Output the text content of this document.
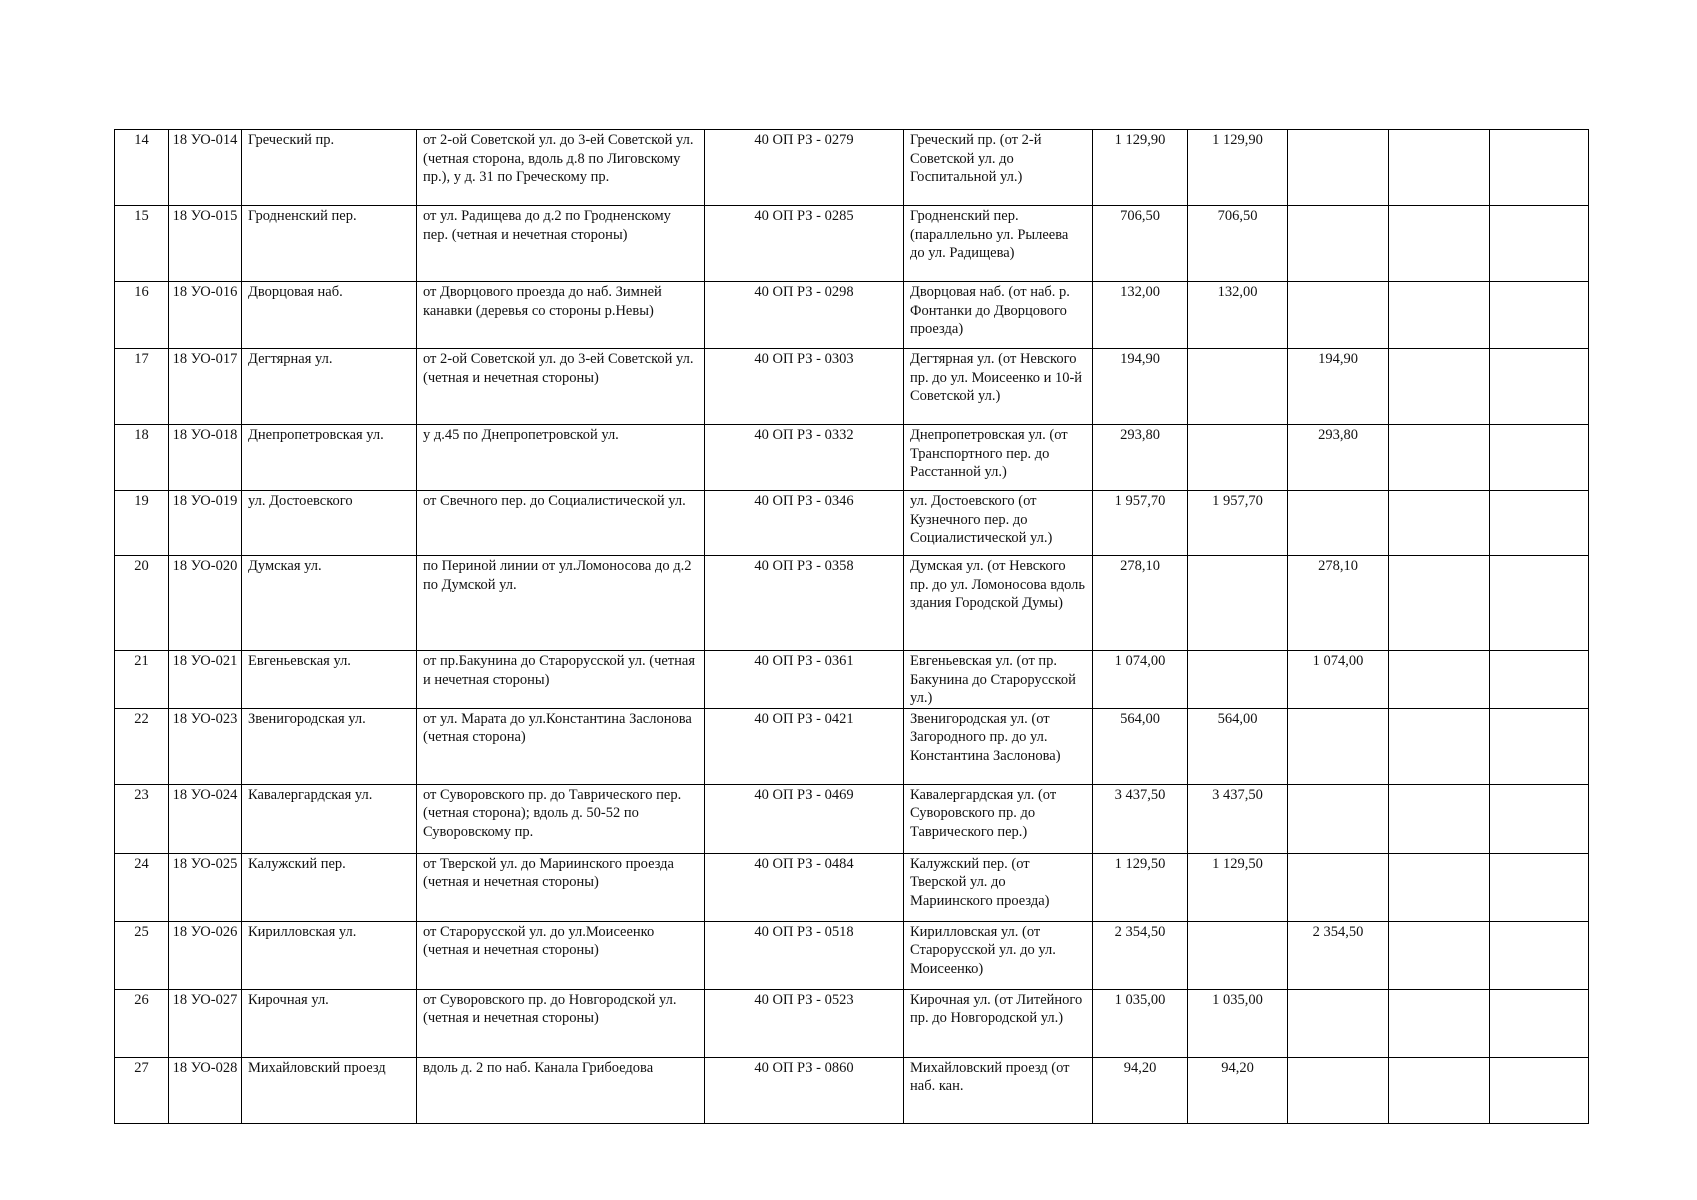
14	18 УО-014	Греческий пр.	от 2-ой Советской ул. до 3-ей Советской ул. (четная сторона, вдоль д.8 по Лиговскому пр.), у д. 31 по Греческому пр.	40 ОП РЗ - 0279	Греческий пр. (от 2-й Советской ул. до Госпитальной ул.)	1 129,90	1 129,90			

15	18 УО-015	Гродненский пер.	от ул. Радищева до д.2 по Гродненскому пер. (четная и нечетная стороны)	40 ОП РЗ - 0285	Гродненский пер. (параллельно ул. Рылеева до ул. Радищева)	706,50	706,50			

16	18 УО-016	Дворцовая наб.	от Дворцового проезда до наб. Зимней канавки (деревья со стороны р.Невы)	40 ОП РЗ - 0298	Дворцовая наб. (от наб. р. Фонтанки до Дворцового проезда)	132,00	132,00			

17	18 УО-017	Дегтярная ул.	от 2-ой Советской ул. до 3-ей Советской ул. (четная и нечетная стороны)	40 ОП РЗ - 0303	Дегтярная ул. (от Невского пр. до ул. Моисеенко и 10-й Советской ул.)	194,90		194,90		

18	18 УО-018	Днепропетровская ул.	у д.45 по Днепропетровской ул.	40 ОП РЗ - 0332	Днепропетровская ул. (от Транспортного пер. до Расстанной ул.)	293,80		293,80		

19	18 УО-019	ул. Достоевского	от Свечного пер. до Социалистической ул.	40 ОП РЗ - 0346	ул. Достоевского (от Кузнечного пер. до Социалистической ул.)	1 957,70	1 957,70			

20	18 УО-020	Думская ул.	по Периной линии от ул.Ломоносова до д.2 по Думской ул.	40 ОП РЗ - 0358	Думская ул. (от Невского пр. до ул. Ломоносова вдоль здания Городской Думы)	278,10		278,10		

21	18 УО-021	Евгеньевская ул.	от пр.Бакунина до Старорусской ул. (четная и нечетная стороны)	40 ОП РЗ - 0361	Евгеньевская ул. (от пр. Бакунина до Старорусской ул.)	1 074,00		1 074,00		

22	18 УО-023	Звенигородская ул.	от ул. Марата до ул.Константина Заслонова (четная сторона)	40 ОП РЗ - 0421	Звенигородская ул. (от Загородного пр. до ул. Константина Заслонова)	564,00	564,00			

23	18 УО-024	Кавалергардская ул.	от Суворовского пр. до Таврического пер. (четная сторона); вдоль д. 50-52 по Суворовскому пр.	40 ОП РЗ - 0469	Кавалергардская ул. (от Суворовского пр. до Таврического пер.)	3 437,50	3 437,50			

24	18 УО-025	Калужский пер.	от Тверской ул. до Мариинского проезда (четная и нечетная стороны)	40 ОП РЗ - 0484	Калужский пер. (от Тверской ул. до Мариинского проезда)	1 129,50	1 129,50			

25	18 УО-026	Кирилловская ул.	от Старорусской ул. до ул.Моисеенко (четная и нечетная стороны)	40 ОП РЗ - 0518	Кирилловская ул. (от Старорусской ул. до ул. Моисеенко)	2 354,50		2 354,50		

26	18 УО-027	Кирочная ул.	от Суворовского пр. до Новгородской ул. (четная и нечетная стороны)	40 ОП РЗ - 0523	Кирочная ул. (от Литейного пр. до Новгородской ул.)	1 035,00	1 035,00			

27	18 УО-028	Михайловский проезд	вдоль д. 2 по наб. Канала Грибоедова	40 ОП РЗ - 0860	Михайловский проезд (от наб. кан.	94,20	94,20			
